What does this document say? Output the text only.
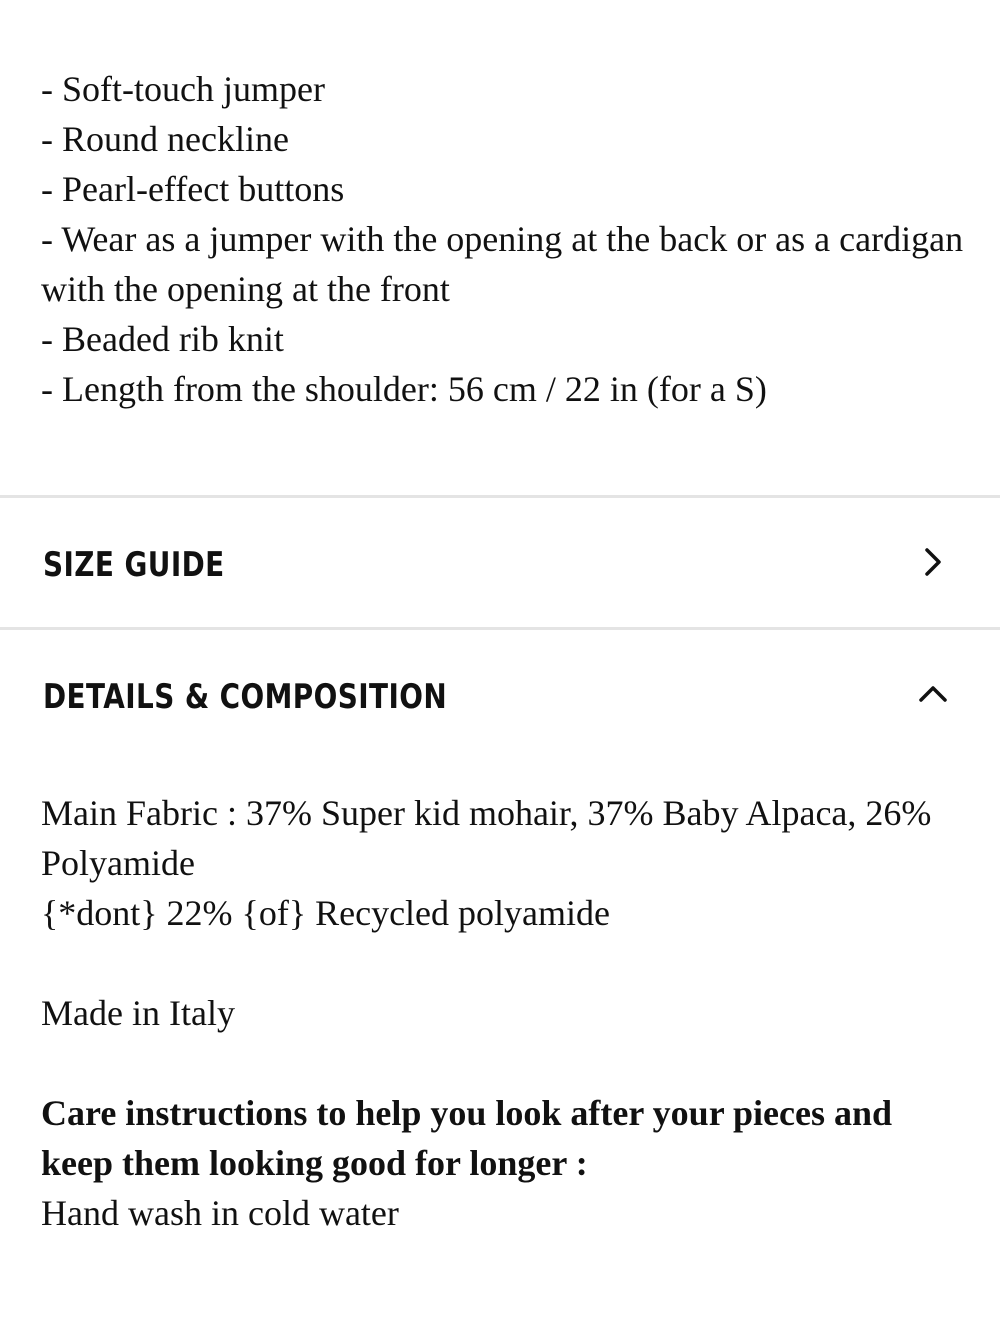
- Soft-touch jumper
- Round neckline
- Pearl-effect buttons
- Wear as a jumper with the opening at the back or as a cardigan with the opening at the front
- Beaded rib knit
- Length from the shoulder: 56 cm / 22 in (for a S)
SIZE GUIDE
DETAILS & COMPOSITION
Main Fabric : 37% Super kid mohair, 37% Baby Alpaca, 26% Polyamide
{*dont} 22% {of} Recycled polyamide
Made in Italy
Care instructions to help you look after your pieces and keep them looking good for longer :
Hand wash in cold water
